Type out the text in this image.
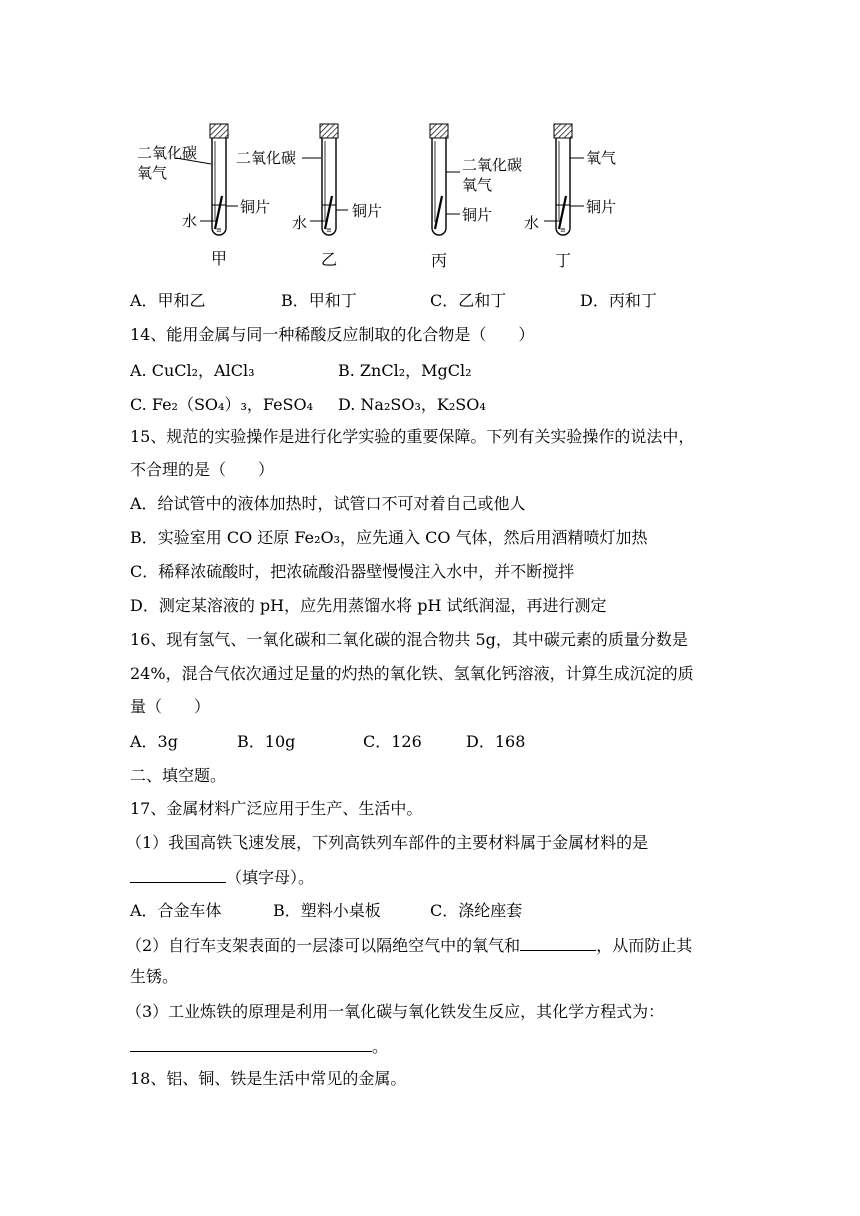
≡
二氧化碳
氧气
铜片
水
甲
≡
二氧化碳
铜片
水
乙
二氧化碳
氧气
铜片
丙
≡
氧气
铜片
水
丁
A．甲和乙	B．甲和丁	C．乙和丁	D．丙和丁
14、能用金属与同一种稀酸反应制取的化合物是（　　）
A. CuCl₂，AlCl₃	B. ZnCl₂，MgCl₂
C. Fe₂（SO₄）₃，FeSO₄ D. Na₂SO₃，K₂SO₄
15、规范的实验操作是进行化学实验的重要保障。下列有关实验操作的说法中，
不合理的是（　　）
A．给试管中的液体加热时，试管口不可对着自己或他人
B．实验室用 CO 还原 Fe₂O₃，应先通入 CO 气体，然后用酒精喷灯加热
C．稀释浓硫酸时，把浓硫酸沿器壁慢慢注入水中，并不断搅拌
D．测定某溶液的 pH，应先用蒸馏水将 pH 试纸润湿，再进行测定
16、现有氢气、一氧化碳和二氧化碳的混合物共 5g，其中碳元素的质量分数是
24%，混合气依次通过足量的灼热的氧化铁、氢氧化钙溶液，计算生成沉淀的质
量（　　）
A．3g	B．10g	C．126	D．168
二、填空题。
17、金属材料广泛应用于生产、生活中。
（1）我国高铁飞速发展，下列高铁列车部件的主要材料属于金属材料的是
（填字母）。
A．合金车体	B．塑料小桌板	C．涤纶座套
（2）自行车支架表面的一层漆可以隔绝空气中的氧气和	，从而防止其
生锈。
（3）工业炼铁的原理是利用一氧化碳与氧化铁发生反应，其化学方程式为：
。
18、铝、铜、铁是生活中常见的金属。
